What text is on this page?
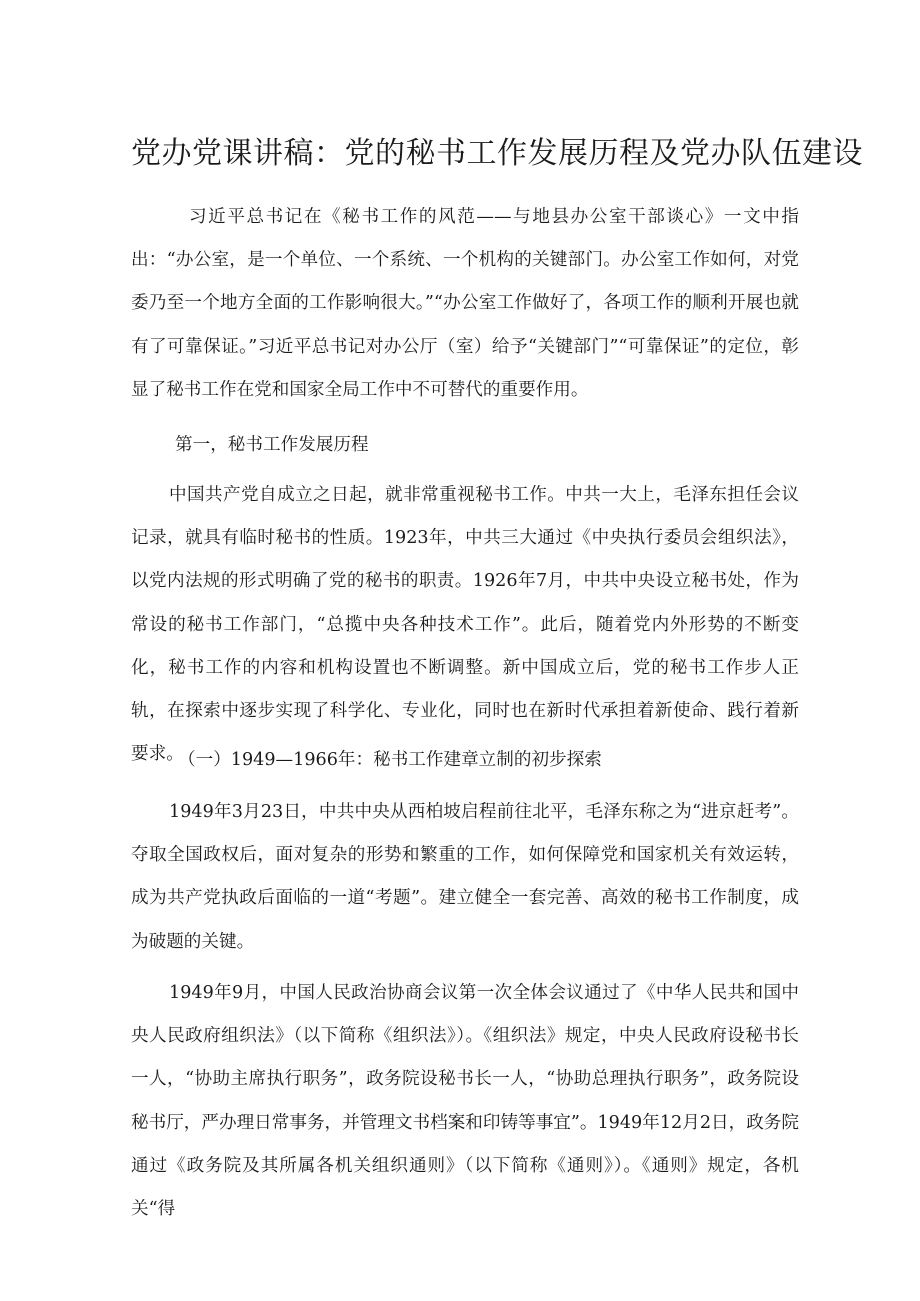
党办党课讲稿：党的秘书工作发展历程及党办队伍建设

习近平总书记在《秘书工作的风范——与地县办公室干部谈心》一文中指出：“办公室，是一个单位、一个系统、一个机构的关键部门。办公室工作如何，对党委乃至一个地方全面的工作影响很大。”“办公室工作做好了，各项工作的顺利开展也就有了可靠保证。”习近平总书记对办公厅（室）给予“关键部门”“可靠保证”的定位，彰显了秘书工作在党和国家全局工作中不可替代的重要作用。

第一，秘书工作发展历程

中国共产党自成立之日起，就非常重视秘书工作。中共一大上，毛泽东担任会议记录，就具有临时秘书的性质。1923年，中共三大通过《中央执行委员会组织法》，以党内法规的形式明确了党的秘书的职责。1926年7月，中共中央设立秘书处，作为常设的秘书工作部门，“总揽中央各种技术工作”。此后，随着党内外形势的不断变化，秘书工作的内容和机构设置也不断调整。新中国成立后，党的秘书工作步人正轨，在探索中逐步实现了科学化、专业化，同时也在新时代承担着新使命、践行着新要求。

（一）1949—1966年：秘书工作建章立制的初步探索

1949年3月23日，中共中央从西柏坡启程前往北平，毛泽东称之为“进京赶考”。夺取全国政权后，面对复杂的形势和繁重的工作，如何保障党和国家机关有效运转，成为共产党执政后面临的一道“考题”。建立健全一套完善、高效的秘书工作制度，成为破题的关键。

1949年9月，中国人民政治协商会议第一次全体会议通过了《中华人民共和国中央人民政府组织法》（以下简称《组织法》）。《组织法》规定，中央人民政府设秘书长一人，“协助主席执行职务”，政务院设秘书长一人，“协助总理执行职务”，政务院设秘书厅，严办理日常事务，并管理文书档案和印铸等事宜”。1949年12月2日，政务院通过《政务院及其所属各机关组织通则》（以下简称《通则》）。《通则》规定，各机关“得
